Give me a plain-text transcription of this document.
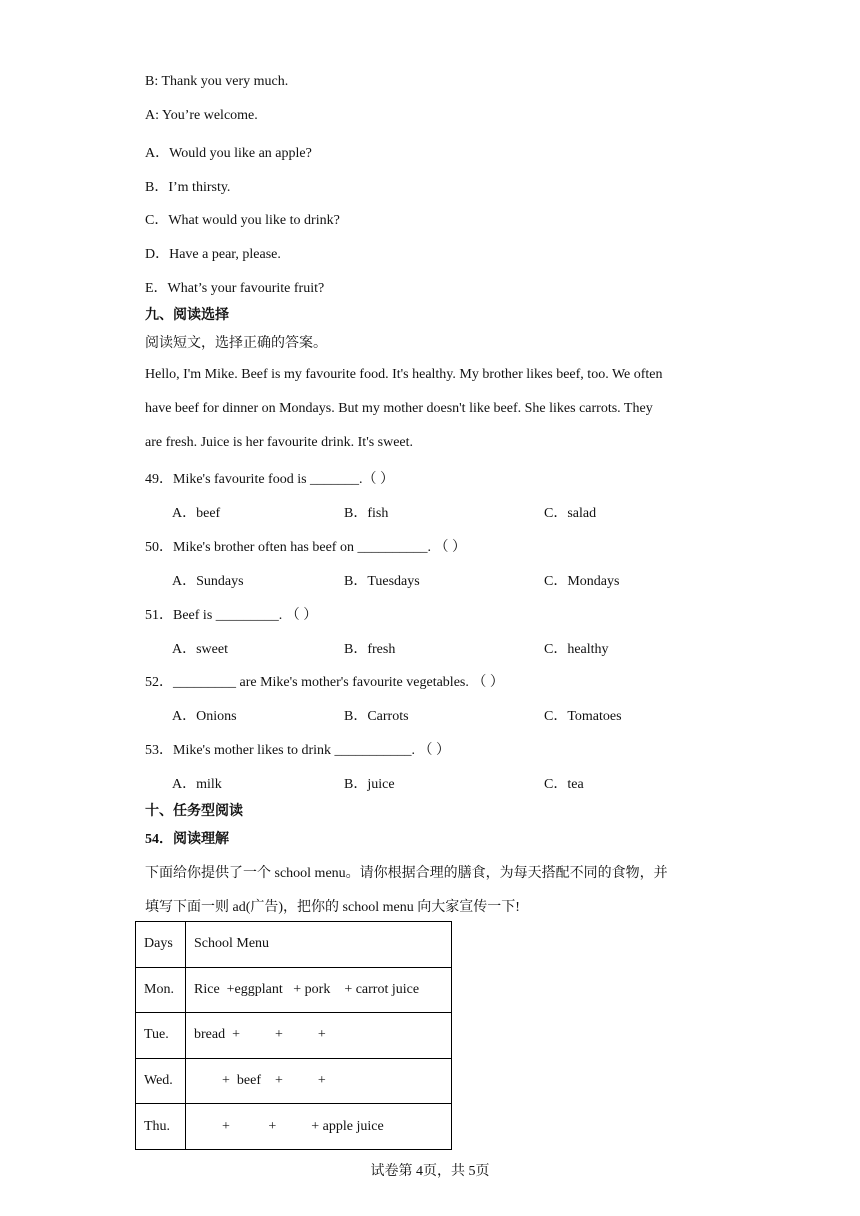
B: Thank you very much.
A: You’re welcome.
A．Would you like an apple?
B．I’m thirsty.
C．What would you like to drink?
D．Have a pear, please.
E．What’s your favourite fruit?
九、阅读选择
阅读短文，选择正确的答案。
Hello, I'm Mike. Beef is my favourite food. It's healthy. My brother likes beef, too. We often
have beef for dinner on Mondays. But my mother doesn't like beef. She likes carrots. They
are fresh. Juice is her favourite drink. It's sweet.
49．Mike's favourite food is _______.（ ）
A．beef	B．fish	C．salad
50．Mike's brother often has beef on __________. （ ）
A．Sundays	B．Tuesdays	C．Mondays
51．Beef is _________. （ ）
A．sweet	B．fresh	C．healthy
52．_________ are Mike's mother's favourite vegetables. （ ）
A．Onions	B．Carrots	C．Tomatoes
53．Mike's mother likes to drink ___________. （ ）
A．milk	B．juice	C．tea
十、任务型阅读
54．阅读理解
下面给你提供了一个 school menu。请你根据合理的膳食，为每天搭配不同的食物，并
填写下面一则 ad(广告)，把你的 school menu 向大家宣传一下!
Days	School Menu
Mon.	Rice  +eggplant   + pork    + carrot juice
Tue.	bread  +          +          +
Wed.	+  beef    +          +
Thu.	+           +          + apple juice
试卷第 4页，共 5页
